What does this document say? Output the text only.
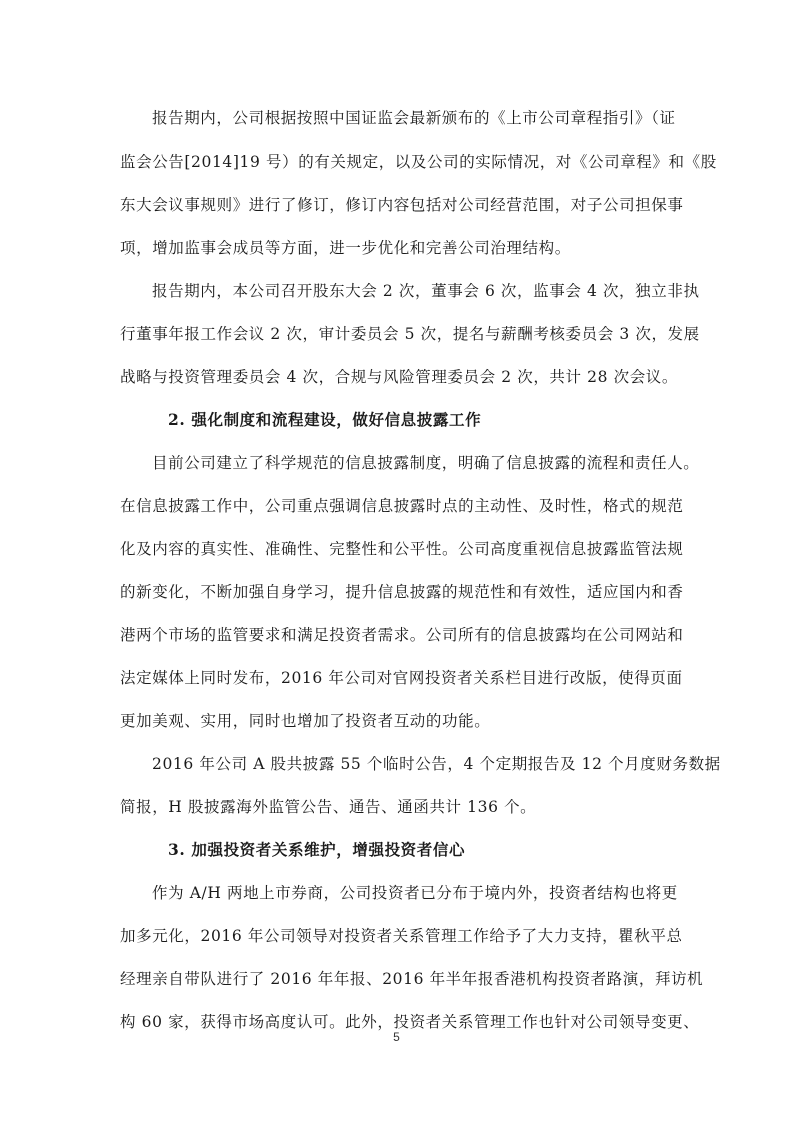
报告期内，公司根据按照中国证监会最新颁布的《上市公司章程指引》（证
监会公告[2014]19 号）的有关规定，以及公司的实际情况，对《公司章程》和《股
东大会议事规则》进行了修订，修订内容包括对公司经营范围，对子公司担保事
项，增加监事会成员等方面，进一步优化和完善公司治理结构。
报告期内，本公司召开股东大会 2 次，董事会 6 次，监事会 4 次，独立非执
行董事年报工作会议 2 次，审计委员会 5 次，提名与薪酬考核委员会 3 次，发展
战略与投资管理委员会 4 次，合规与风险管理委员会 2 次，共计 28 次会议。
2. 强化制度和流程建设，做好信息披露工作
目前公司建立了科学规范的信息披露制度，明确了信息披露的流程和责任人。
在信息披露工作中，公司重点强调信息披露时点的主动性、及时性，格式的规范
化及内容的真实性、准确性、完整性和公平性。公司高度重视信息披露监管法规
的新变化，不断加强自身学习，提升信息披露的规范性和有效性，适应国内和香
港两个市场的监管要求和满足投资者需求。公司所有的信息披露均在公司网站和
法定媒体上同时发布，2016 年公司对官网投资者关系栏目进行改版，使得页面
更加美观、实用，同时也增加了投资者互动的功能。
2016 年公司 A 股共披露 55 个临时公告，4 个定期报告及 12 个月度财务数据
简报，H 股披露海外监管公告、通告、通函共计 136 个。
3. 加强投资者关系维护，增强投资者信心
作为 A/H 两地上市券商，公司投资者已分布于境内外，投资者结构也将更
加多元化，2016 年公司领导对投资者关系管理工作给予了大力支持，瞿秋平总
经理亲自带队进行了 2016 年年报、2016 年半年报香港机构投资者路演，拜访机
构 60 家，获得市场高度认可。此外，投资者关系管理工作也针对公司领导变更、
5
